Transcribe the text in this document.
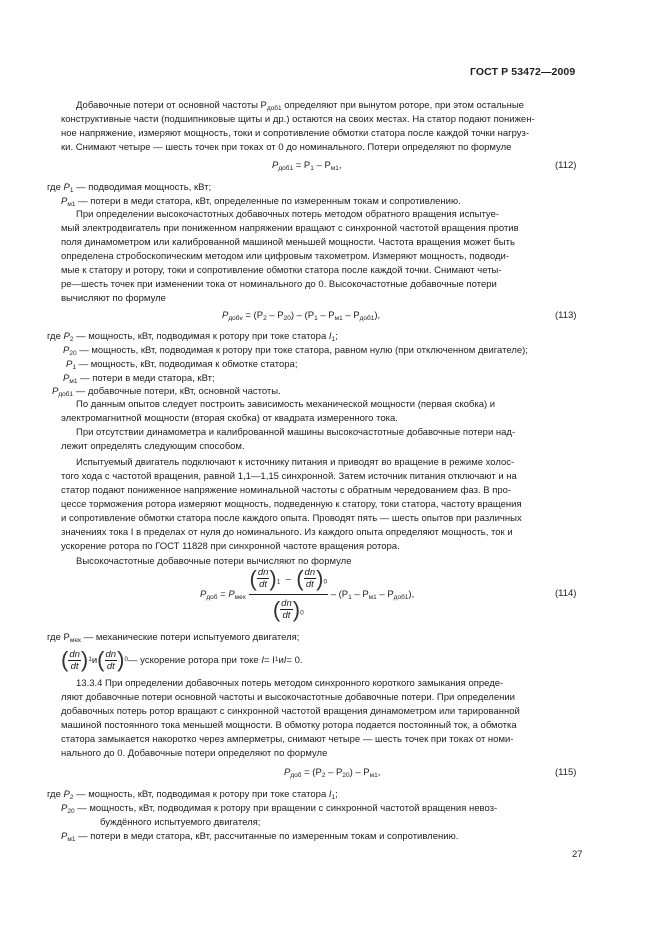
ГОСТ Р 53472—2009
Добавочные потери от основной частоты $P_{доб1}$ определяют при вынутом роторе, при этом остальные
конструктивные части (подшипниковые щиты и др.) остаются на своих местах. На статор подают понижен-
ное напряжение, измеряют мощность, токи и сопротивление обмотки статора после каждой точки нагруз-
ки. Снимают четыре — шесть точек при токах от 0 до номинального. Потери определяют по формуле
$P_{доб1} = P_1 - P_{м1}$,	(112)
где $P_1$ — подводимая мощность, кВт;
$P_{м1}$ — потери в меди статора, кВт, определенные по измеренным токам и сопротивлению.
При определении высокочастотных добавочных потерь методом обратного вращения испытуе-
мый электродвигатель при пониженном напряжении вращают с синхронной частотой вращения против
поля динамометром или калиброванной машиной меньшей мощности. Частота вращения может быть
определена стробоскопическим методом или цифровым тахометром. Измеряют мощность, подводи-
мые к статору и ротору, токи и сопротивление обмотки статора после каждой точки. Снимают четы-
ре—шесть точек при изменении тока от номинального до 0. Высокочастотные добавочные потери
вычисляют по формуле
$P_{добv} = (P_2 - P_{20}) - (P_1 - P_{м1} - P_{доб1})$,	(113)
где $P_2$ — мощность, кВт, подводимая к ротору при токе статора $I_1$;
$P_{20}$ — мощность, кВт, подводимая к ротору при токе статора, равном нулю (при отключенном двигателе);
$P_1$ — мощность, кВт, подводимая к обмотке статора;
$P_{м1}$ — потери в меди статора, кВт;
$P_{доб1}$ — добавочные потери, кВт, основной частоты.
По данным опытов следует построить зависимость механической мощности (первая скобка) и
электромагнитной мощности (вторая скобка) от квадрата измеренного тока.
При отсутствии динамометра и калиброванной машины высокочастотные добавочные потери над-
лежит определять следующим способом.
Испытуемый двигатель подключают к источнику питания и приводят во вращение в режиме холос-
того хода с частотой вращения, равной 1,1—1,15 синхронной. Затем источник питания отключают и на
статор подают пониженное напряжение номинальной частоты с обратным чередованием фаз. В про-
цессе торможения ротора измеряют мощность, подведенную к статору, токи статора, частоту вращения
и сопротивление обмотки статора после каждого опыта. Проводят пять — шесть опытов при различных
значениях тока I в пределах от нуля до номинального. Из каждого опыта определяют мощность, ток и
ускорение ротора по ГОСТ 11828 при синхронной частоте вращения ротора.
Высокочастотные добавочные потери вычисляют по формуле
$P_{доб} = P_{мех} \frac{( \frac{dn}{dt} )_1 - ( \frac{dn}{dt} )_0}{( \frac{dn}{dt} )_0} - (P_1 - P_{м1} - P_{доб1})$,	(114)
где $P_{мех}$ — механические потери испытуемого двигателя;
( $\frac{dn}{dt}$ ) 1 и ( $\frac{dn}{dt}$ ) 0 — ускорение ротора при токе
I = I 1 и I = 0.
13.3.4 При определении добавочных потерь методом синхронного короткого замыкания опреде-
ляют добавочные потери основной частоты и высокочастотные добавочные потери. При определении
добавочных потерь ротор вращают с синхронной частотой вращения динамометром или тарированной
машиной постоянного тока меньшей мощности. В обмотку ротора подается постоянный ток, а обмотка
статора замыкается накоротко через амперметры, снимают четыре — шесть точек при токах от номи-
нального до 0. Добавочные потери определяют по формуле
$P_{доб} = (P_2 - P_{20}) - P_{м1}$,	(115)
где $P_2$ — мощность, кВт, подводимая к ротору при токе статора $I_1$;
$P_{20}$ — мощность, кВт, подводимая к ротору при вращении с синхронной частотой вращения невоз-
буждённого испытуемого двигателя;
$P_{м1}$ — потери в меди статора, кВт, рассчитанные по измеренным токам и сопротивлению.
27
